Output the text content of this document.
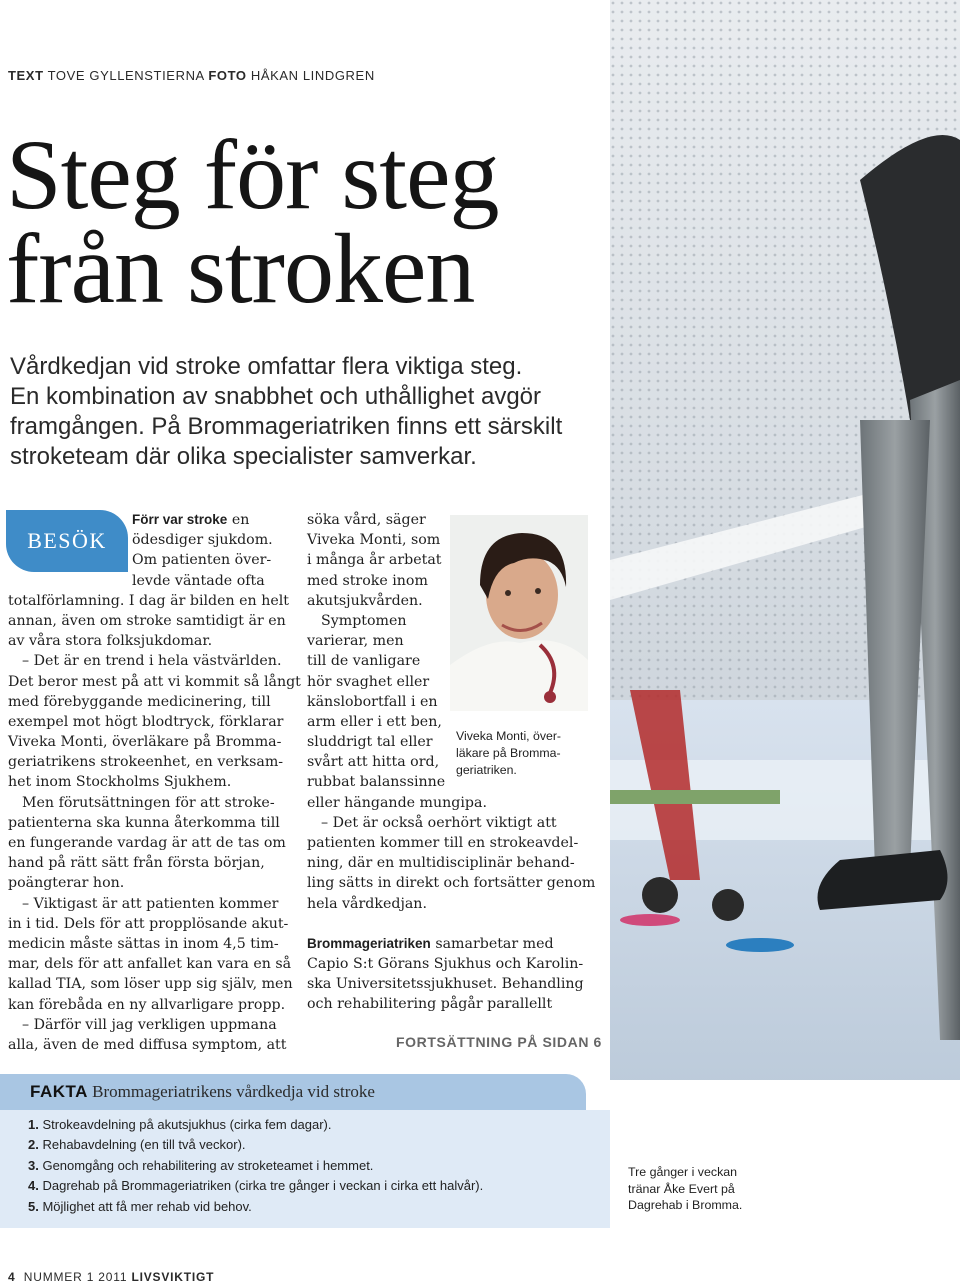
TEXT TOVE GYLLENSTIERNA FOTO HÅKAN LINDGREN
Steg för steg
från stroken
Vårdkedjan vid stroke omfattar flera viktiga steg.
En kombination av snabbhet och uthållighet avgör
framgången. På Brommageriatriken finns ett särskilt
stroketeam där olika specialister samverkar.
BESÖK
Förr var stroke en
ödesdiger sjukdom.
Om patienten över-
levde väntade ofta
totalförlamning. I dag är bilden en helt
annan, även om stroke samtidigt är en
av våra stora folksjukdomar.
– Det är en trend i hela västvärlden.
Det beror mest på att vi kommit så långt
med förebyggande medicinering, till
exempel mot högt blodtryck, förklarar
Viveka Monti, överläkare på Bromma-
geriatrikens strokeenhet, en verksam-
het inom Stockholms Sjukhem.
Men förutsättningen för att stroke-
patienterna ska kunna återkomma till
en fungerande vardag är att de tas om
hand på rätt sätt från första början,
poängterar hon.
– Viktigast är att patienten kommer
in i tid. Dels för att propplösande akut-
medicin måste sättas in inom 4,5 tim-
mar, dels för att anfallet kan vara en så
kallad TIA, som löser upp sig själv, men
kan förebåda en ny allvarligare propp.
– Därför vill jag verkligen uppmana
alla, även de med diffusa symptom, att
söka vård, säger
Viveka Monti, som
i många år arbetat
med stroke inom
akutsjukvården.
Symptomen
varierar, men
till de vanligare
hör svaghet eller
känslobortfall i en
arm eller i ett ben,
sluddrigt tal eller
svårt att hitta ord,
rubbat balanssinne
eller hängande mungipa.
– Det är också oerhört viktigt att
patienten kommer till en strokeavdel-
ning, där en multidisciplinär behand-
ling sätts in direkt och fortsätter genom
hela vårdkedjan.
Brommageriatriken samarbetar med
Capio S:t Görans Sjukhus och Karolin-
ska Universitetssjukhuset. Behandling
och rehabilitering pågår parallellt
Viveka Monti, över-
läkare på Bromma-
geriatriken.
FORTSÄTTNING PÅ SIDAN 6
FAKTA Brommageriatrikens vårdkedja vid stroke
1. Strokeavdelning på akutsjukhus (cirka fem dagar).
2. Rehabavdelning (en till två veckor).
3. Genomgång och rehabilitering av stroketeamet i hemmet.
4. Dagrehab på Brommageriatriken (cirka tre gånger i veckan i cirka ett halvår).
5. Möjlighet att få mer rehab vid behov.
Tre gånger i veckan
tränar Åke Evert på
Dagrehab i Bromma.
4 NUMMER 1 2011 LIVSVIKTIGT
